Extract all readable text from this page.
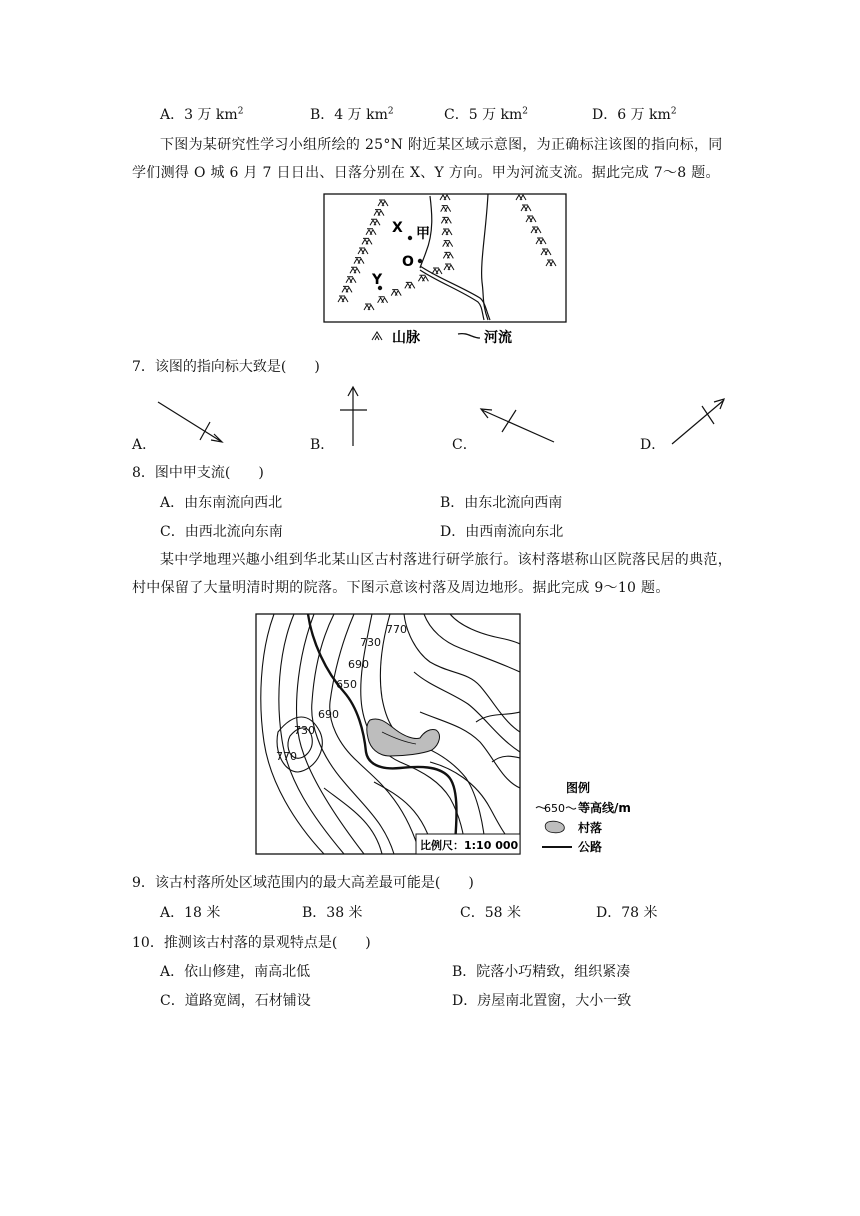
A．3 万 $km^2$	B．4 万 $km^2$	C．5 万 $km^2$	D．6 万 $km^2$
下图为某研究性学习小组所绘的 25°N 附近某区域示意图，为正确标注该图的指向标，同学们测得 O 城 6 月 7 日日出、日落分别在 X、Y 方向。甲为河流支流。据此完成 7～8 题。
X 甲
O
Y
山脉	河流
7．该图的指向标大致是(　　)
A．	B．	C．	D．
8．图中甲支流(　　)
A．由东南流向西北	B．由东北流向西南
C．由西北流向东南	D．由西南流向东北
某中学地理兴趣小组到华北某山区古村落进行研学旅行。该村落堪称山区院落民居的典范，村中保留了大量明清时期的院落。下图示意该村落及周边地形。据此完成 9～10 题。
770
730
690
650
690
730
770
比例尺：1:10 000
图例
650 等高线/m
村落
公路
9．该古村落所处区域范围内的最大高差最可能是(　　)
A．18 米	B．38 米	C．58 米	D．78 米
10．推测该古村落的景观特点是(　　)
A．依山修建，南高北低	B．院落小巧精致，组织紧凑
C．道路宽阔，石材铺设	D．房屋南北置窗，大小一致
